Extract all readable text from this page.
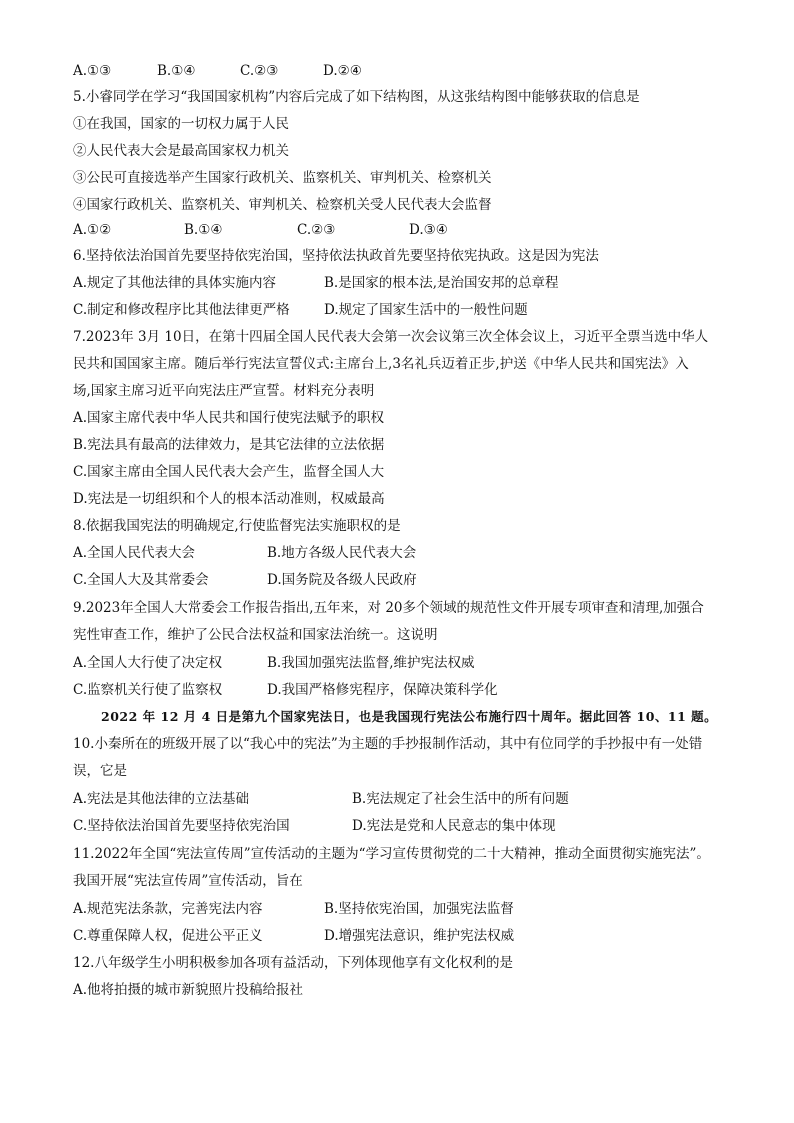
A.①③	B.①④	C.②③	D.②④
5.小睿同学在学习“我国国家机构”内容后完成了如下结构图，从这张结构图中能够获取的信息是
①在我国，国家的一切权力属于人民
②人民代表大会是最高国家权力机关
③公民可直接选举产生国家行政机关、监察机关、审判机关、检察机关
④国家行政机关、监察机关、审判机关、检察机关受人民代表大会监督
A.①②	B.①④	C.②③	D.③④
6.坚持依法治国首先要坚持依宪治国，坚持依法执政首先要坚持依宪执政。这是因为宪法
A.规定了其他法律的具体实施内容	B.是国家的根本法,是治国安邦的总章程
C.制定和修改程序比其他法律更严格	D.规定了国家生活中的一般性问题
7.2023年 3月 10日，在第十四届全国人民代表大会第一次会议第三次全体会议上，习近平全票当选中华人
民共和国国家主席。随后举行宪法宣誓仪式:主席台上,3名礼兵迈着正步,护送《中华人民共和国宪法》入
场,国家主席习近平向宪法庄严宣誓。材料充分表明
A.国家主席代表中华人民共和国行使宪法赋予的职权
B.宪法具有最高的法律效力，是其它法律的立法依据
C.国家主席由全国人民代表大会产生，监督全国人大
D.宪法是一切组织和个人的根本活动准则，权威最高
8.依据我国宪法的明确规定,行使监督宪法实施职权的是
A.全国人民代表大会	B.地方各级人民代表大会
C.全国人大及其常委会	D.国务院及各级人民政府
9.2023年全国人大常委会工作报告指出,五年来，对 20多个领域的规范性文件开展专项审查和清理,加强合
宪性审查工作，维护了公民合法权益和国家法治统一。这说明
A.全国人大行使了决定权	B.我国加强宪法监督,维护宪法权威
C.监察机关行使了监察权	D.我国严格修宪程序，保障决策科学化
2022 年 12 月 4 日是第九个国家宪法日，也是我国现行宪法公布施行四十周年。据此回答 10、11 题。
10.小秦所在的班级开展了以“我心中的宪法”为主题的手抄报制作活动，其中有位同学的手抄报中有一处错
误，它是
A.宪法是其他法律的立法基础	B.宪法规定了社会生活中的所有问题
C.坚持依法治国首先要坚持依宪治国	D.宪法是党和人民意志的集中体现
11.2022年全国“宪法宣传周”宣传活动的主题为“学习宣传贯彻党的二十大精神，推动全面贯彻实施宪法”。
我国开展“宪法宣传周”宣传活动，旨在
A.规范宪法条款，完善宪法内容	B.坚持依宪治国，加强宪法监督
C.尊重保障人权，促进公平正义	D.增强宪法意识，维护宪法权威
12.八年级学生小明积极参加各项有益活动，下列体现他享有文化权利的是
A.他将拍摄的城市新貌照片投稿给报社
